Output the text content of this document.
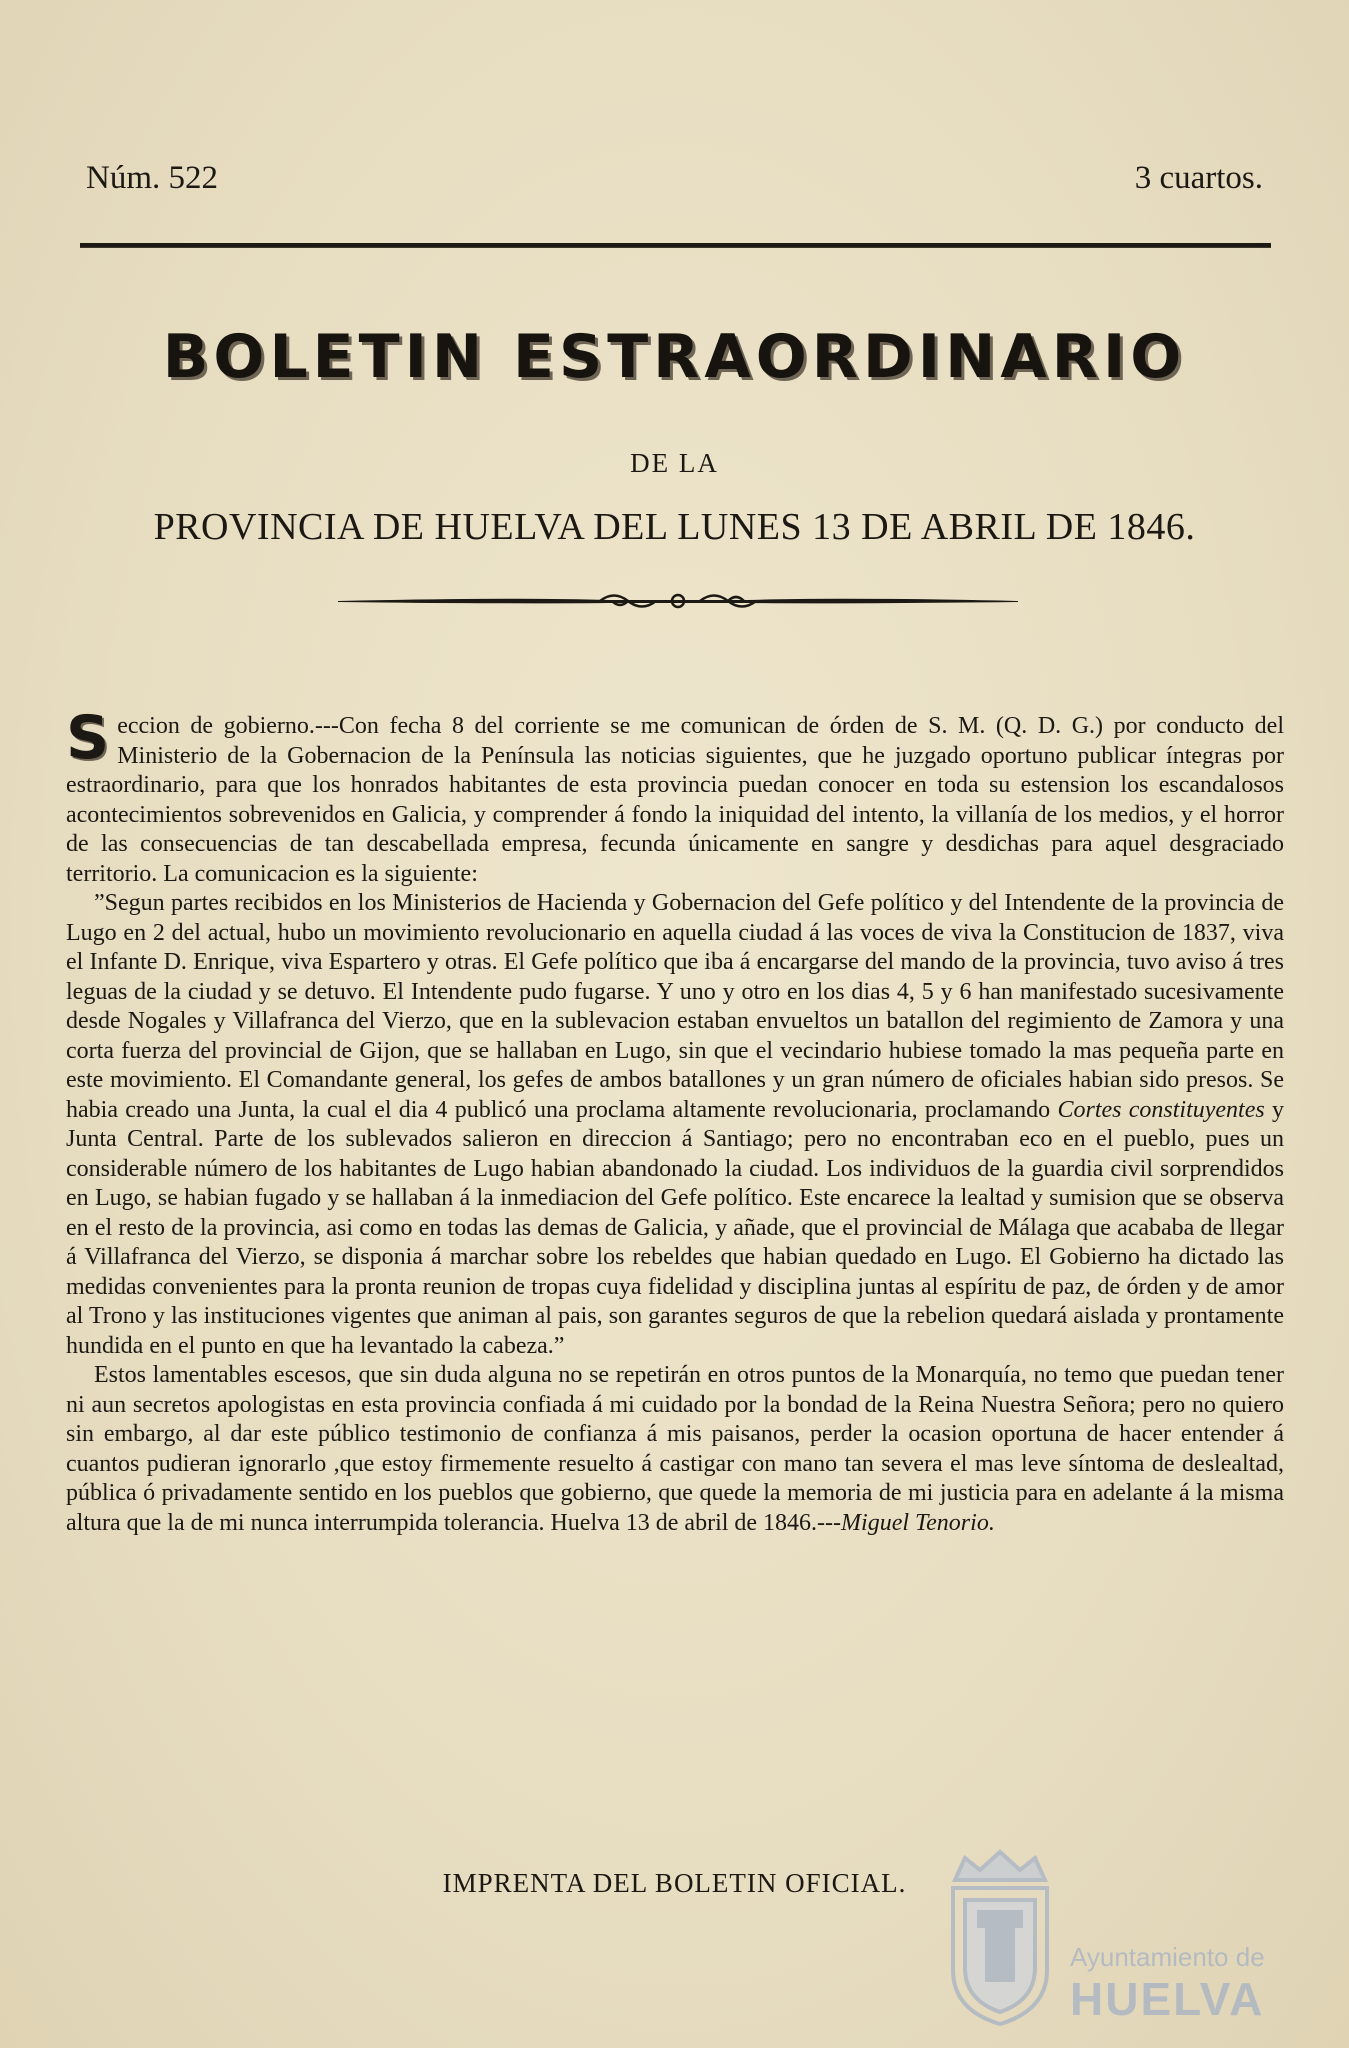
Núm. 522	3 cuartos.
BOLETIN ESTRAORDINARIO
DE LA
PROVINCIA DE HUELVA DEL LUNES 13 DE ABRIL DE 1846.

Seccion de gobierno.---Con fecha 8 del corriente se me comunican de órden de S. M. (Q. D. G.) por conducto del Ministerio de la Gobernacion de la Península las noticias siguientes, que he juzgado oportuno publicar íntegras por estraordinario, para que los honrados habitantes de esta provincia puedan conocer en toda su estension los escandalosos acontecimientos sobrevenidos en Galicia, y comprender á fondo la iniquidad del intento, la villanía de los medios, y el horror de las consecuencias de tan descabellada empresa, fecunda únicamente en sangre y desdichas para aquel desgraciado territorio. La comunicacion es la siguiente:

”Segun partes recibidos en los Ministerios de Hacienda y Gobernacion del Gefe político y del Intendente de la provincia de Lugo en 2 del actual, hubo un movimiento revolucionario en aquella ciudad á las voces de viva la Constitucion de 1837, viva el Infante D. Enrique, viva Espartero y otras. El Gefe político que iba á encargarse del mando de la provincia, tuvo aviso á tres leguas de la ciudad y se detuvo. El Intendente pudo fugarse. Y uno y otro en los dias 4, 5 y 6 han manifestado sucesivamente desde Nogales y Villafranca del Vierzo, que en la sublevacion estaban envueltos un batallon del regimiento de Zamora y una corta fuerza del provincial de Gijon, que se hallaban en Lugo, sin que el vecindario hubiese tomado la mas pequeña parte en este movimiento. El Comandante general, los gefes de ambos batallones y un gran número de oficiales habian sido presos. Se habia creado una Junta, la cual el dia 4 publicó una proclama altamente revolucionaria, proclamando Cortes constituyentes y Junta Central. Parte de los sublevados salieron en direccion á Santiago; pero no encontraban eco en el pueblo, pues un considerable número de los habitantes de Lugo habian abandonado la ciudad. Los individuos de la guardia civil sorprendidos en Lugo, se habian fugado y se hallaban á la inmediacion del Gefe político. Este encarece la lealtad y sumision que se observa en el resto de la provincia, asi como en todas las demas de Galicia, y añade, que el provincial de Málaga que acababa de llegar á Villafranca del Vierzo, se disponia á marchar sobre los rebeldes que habian quedado en Lugo. El Gobierno ha dictado las medidas convenientes para la pronta reunion de tropas cuya fidelidad y disciplina juntas al espíritu de paz, de órden y de amor al Trono y las instituciones vigentes que animan al pais, son garantes seguros de que la rebelion quedará aislada y prontamente hundida en el punto en que ha levantado la cabeza.”

Estos lamentables escesos, que sin duda alguna no se repetirán en otros puntos de la Monarquía, no temo que puedan tener ni aun secretos apologistas en esta provincia confiada á mi cuidado por la bondad de la Reina Nuestra Señora; pero no quiero sin embargo, al dar este público testimonio de confianza á mis paisanos, perder la ocasion oportuna de hacer entender á cuantos pudieran ignorarlo ,que estoy firmemente resuelto á castigar con mano tan severa el mas leve síntoma de deslealtad, pública ó privadamente sentido en los pueblos que gobierno, que quede la memoria de mi justicia para en adelante á la misma altura que la de mi nunca interrumpida tolerancia. Huelva 13 de abril de 1846.---Miguel Tenorio.

IMPRENTA DEL BOLETIN OFICIAL.
Ayuntamiento de
HUELVA
